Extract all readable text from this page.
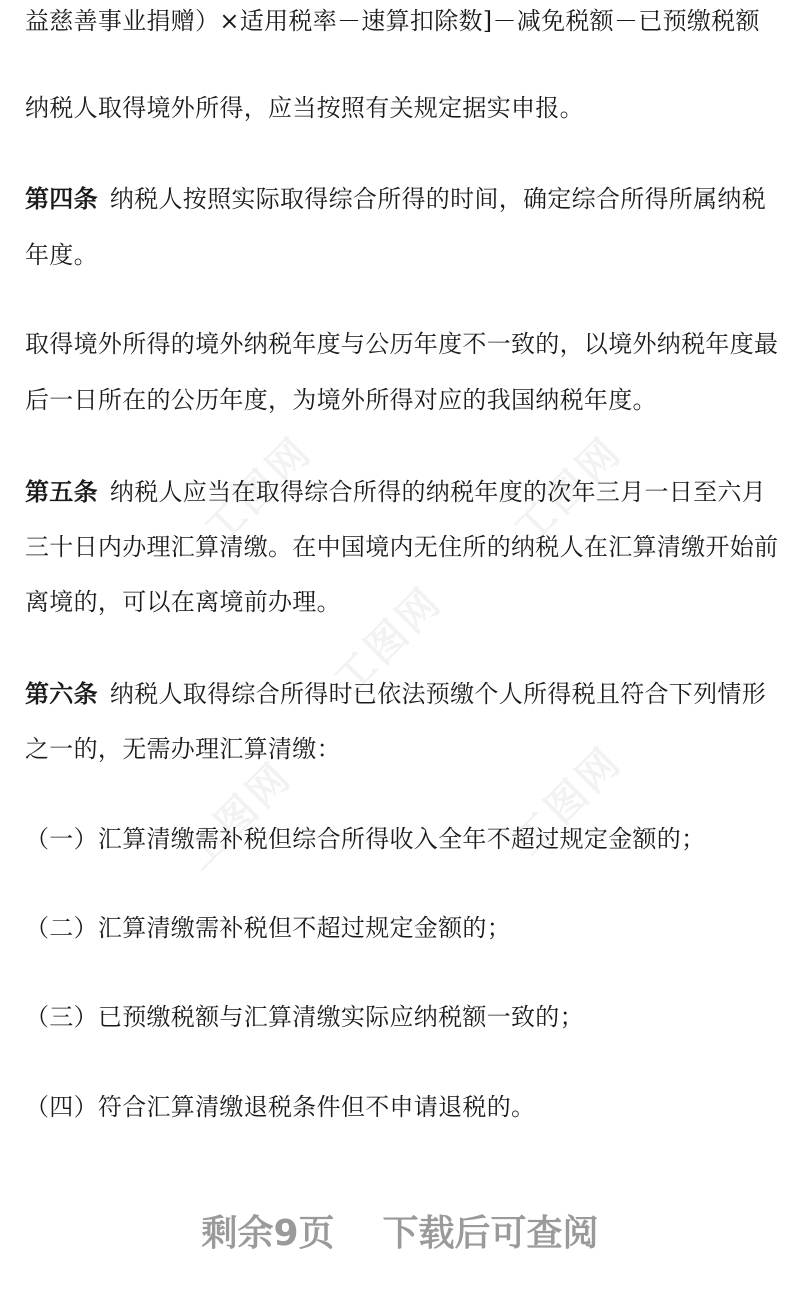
益慈善事业捐赠）×适用税率－速算扣除数]－减免税额－已预缴税额
纳税人取得境外所得，应当按照有关规定据实申报。
第四条 纳税人按照实际取得综合所得的时间，确定综合所得所属纳税
年度。
取得境外所得的境外纳税年度与公历年度不一致的，以境外纳税年度最
后一日所在的公历年度，为境外所得对应的我国纳税年度。
第五条 纳税人应当在取得综合所得的纳税年度的次年三月一日至六月
三十日内办理汇算清缴。在中国境内无住所的纳税人在汇算清缴开始前
离境的，可以在离境前办理。
第六条 纳税人取得综合所得时已依法预缴个人所得税且符合下列情形
之一的，无需办理汇算清缴：
（一）汇算清缴需补税但综合所得收入全年不超过规定金额的；
（二）汇算清缴需补税但不超过规定金额的；
（三）已预缴税额与汇算清缴实际应纳税额一致的；
（四）符合汇算清缴退税条件但不申请退税的。
工图网	工图网
工图网
工图网	工图网
剩余9页 下载后可查阅
